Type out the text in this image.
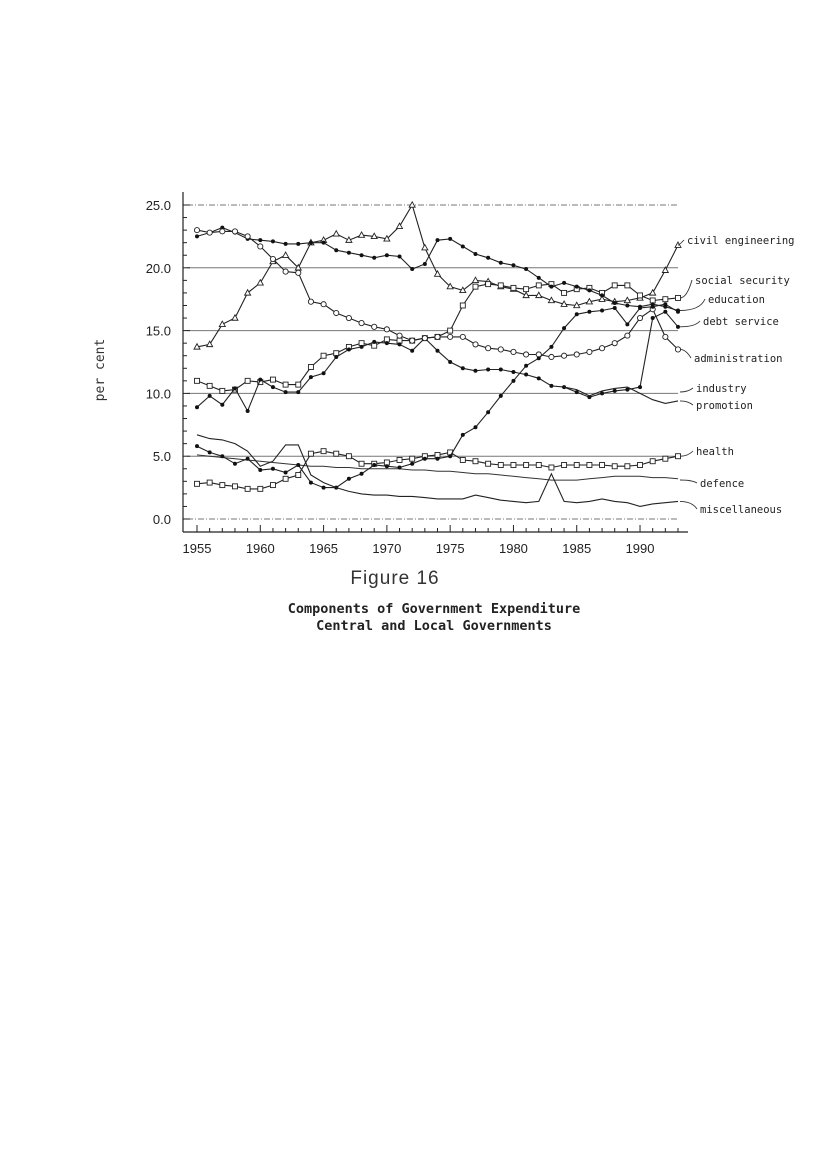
0.0
5.0
10.0
15.0
20.0
25.0
1955	1960	1965	1970	1975	1980	1985	1990
civil engineering
social security
education
debt service
administration
industry
promotion
health
defence
miscellaneous
per cent
Figure 16
Components of Government Expenditure
Central and Local Governments
